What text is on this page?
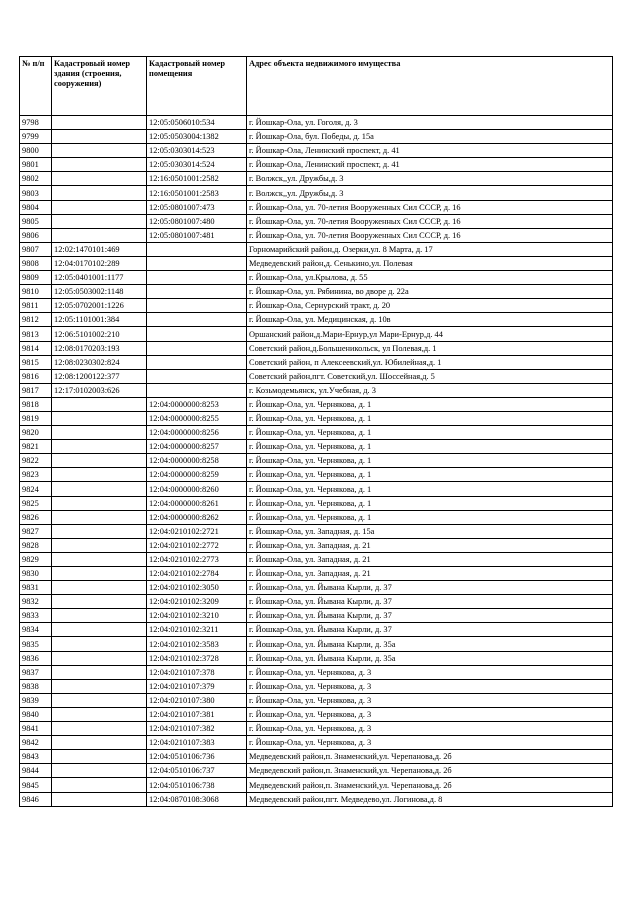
№ п/п	Кадастровый номер здания (строения, сооружения)	Кадастровый номер помещения	Адрес объекта недвижимого имущества
9798		12:05:0506010:534	г. Йошкар-Ола, ул. Гоголя, д. 3
9799		12:05:0503004:1382	г. Йошкар-Ола, бул. Победы, д. 15а
9800		12:05:0303014:523	г. Йошкар-Ола, Ленинский проспект, д. 41
9801		12:05:0303014:524	г. Йошкар-Ола, Ленинский проспект, д. 41
9802		12:16:0501001:2582	г. Волжск,,ул. Дружбы,д. 3
9803		12:16:0501001:2583	г. Волжск,,ул. Дружбы,д. 3
9804		12:05:0801007:473	г. Йошкар-Ола, ул. 70-летия Вооруженных Сил СССР, д. 16
9805		12:05:0801007:480	г. Йошкар-Ола, ул. 70-летия Вооруженных Сил СССР, д. 16
9806		12:05:0801007:481	г. Йошкар-Ола, ул. 70-летия Вооруженных Сил СССР, д. 16
9807	12:02:1470101:469		Горномарийский район,д. Озерки,ул. 8 Марта, д. 17
9808	12:04:0170102:289		Медведевский район,д. Сенькино,ул. Полевая
9809	12:05:0401001:1177		г. Йошкар-Ола, ул.Крылова, д. 55
9810	12:05:0503002:1148		г. Йошкар-Ола, ул. Рябинина, во дворе д. 22а
9811	12:05:0702001:1226		г. Йошкар-Ола, Сернурский тракт, д. 20
9812	12:05:1101001:384		г. Йошкар-Ола, ул. Медицинская, д. 10в
9813	12:06:5101002:210		Оршанский район,д.Мари-Ернур,ул Мари-Ернур,д. 44
9814	12:08:0170203:193		Советский район,д.Большеникольск, ул Полевая,д. 1
9815	12:08:0230302:824		Советский район, п Алексеевский,ул. Юбилейная,д. 1
9816	12:08:1200122:377		Советский район,пгт. Советский,ул. Шоссейная,д. 5
9817	12:17:0102003:626		г. Козьмодемьянск, ул.Учебная, д. 3
9818		12:04:0000000:8253	г. Йошкар-Ола, ул. Чернякова, д. 1
9819		12:04:0000000:8255	г. Йошкар-Ола, ул. Чернякова, д. 1
9820		12:04:0000000:8256	г. Йошкар-Ола, ул. Чернякова, д. 1
9821		12:04:0000000:8257	г. Йошкар-Ола, ул. Чернякова, д. 1
9822		12:04:0000000:8258	г. Йошкар-Ола, ул. Чернякова, д. 1
9823		12:04:0000000:8259	г. Йошкар-Ола, ул. Чернякова, д. 1
9824		12:04:0000000:8260	г. Йошкар-Ола, ул. Чернякова, д. 1
9825		12:04:0000000:8261	г. Йошкар-Ола, ул. Чернякова, д. 1
9826		12:04:0000000:8262	г. Йошкар-Ола, ул. Чернякова, д. 1
9827		12:04:0210102:2721	г. Йошкар-Ола, ул. Западная, д. 15а
9828		12:04:0210102:2772	г. Йошкар-Ола, ул. Западная, д. 21
9829		12:04:0210102:2773	г. Йошкар-Ола, ул. Западная, д. 21
9830		12:04:0210102:2784	г. Йошкар-Ола, ул. Западная, д. 21
9831		12:04:0210102:3050	г. Йошкар-Ола, ул. Йывана Кырли, д. 37
9832		12:04:0210102:3209	г. Йошкар-Ола, ул. Йывана Кырли, д. 37
9833		12:04:0210102:3210	г. Йошкар-Ола, ул. Йывана Кырли, д. 37
9834		12:04:0210102:3211	г. Йошкар-Ола, ул. Йывана Кырли, д. 37
9835		12:04:0210102:3583	г. Йошкар-Ола, ул. Йывана Кырли, д. 35а
9836		12:04:0210102:3728	г. Йошкар-Ола, ул. Йывана Кырли, д. 35а
9837		12:04:0210107:378	г. Йошкар-Ола, ул. Чернякова, д. 3
9838		12:04:0210107:379	г. Йошкар-Ола, ул. Чернякова, д. 3
9839		12:04:0210107:380	г. Йошкар-Ола, ул. Чернякова, д. 3
9840		12:04:0210107:381	г. Йошкар-Ола, ул. Чернякова, д. 3
9841		12:04:0210107:382	г. Йошкар-Ола, ул. Чернякова, д. 3
9842		12:04:0210107:383	г. Йошкар-Ола, ул. Чернякова, д. 3
9843		12:04:0510106:736	Медведевский район,п. Знаменский,ул. Черепанова,д. 2б
9844		12:04:0510106:737	Медведевский район,п. Знаменский,ул. Черепанова,д. 2б
9845		12:04:0510106:738	Медведевский район,п. Знаменский,ул. Черепанова,д. 2б
9846		12:04:0870108:3068	Медведевский район,пгт. Медведево,ул. Логинова,д. 8
